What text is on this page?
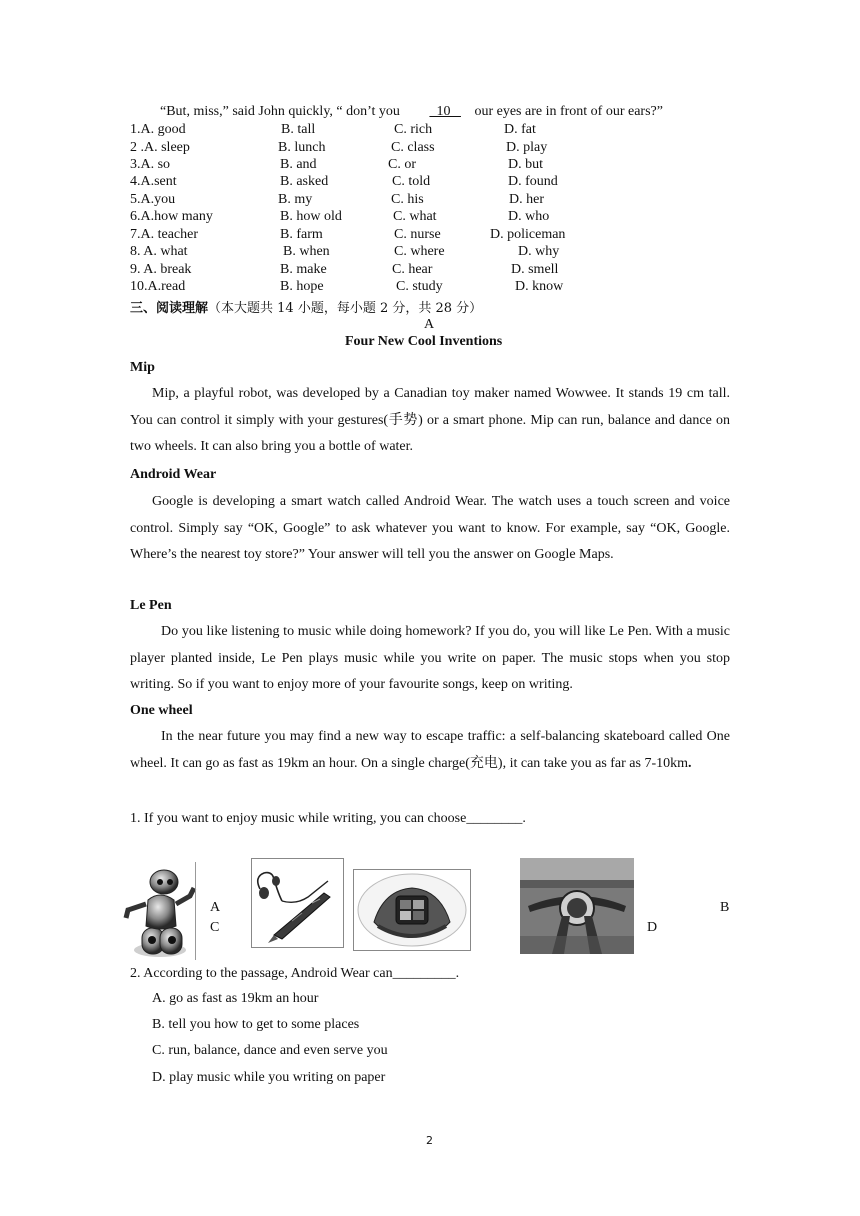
“But, miss,” said John quickly, “ don’t you   10    our eyes are in front of our ears?”
1.A. good	B. tall	C. rich	D. fat
2 .A. sleep	B. lunch	C. class	D. play
3.A. so	B. and	C. or	D. but
4.A.sent	B. asked	C. told	D. found
5.A.you	B. my	C. his	D. her
6.A.how many	B. how old	C. what	D. who
7.A. teacher	B. farm	C. nurse	D. policeman
8. A. what	B. when	C. where	D. why
9. A. break	B. make	C. hear	D. smell
10.A.read	B. hope	C. study	D. know
三、阅读理解（本大题共 14 小题，每小题 2 分，共 28 分）
A
Four New Cool Inventions
Mip
Mip, a playful robot, was developed by a Canadian toy maker named Wowwee. It stands 19 cm tall. You can control it simply with your gestures(手势) or a smart phone. Mip can run, balance and dance on two wheels. It can also bring you a bottle of water.
Android Wear
Google is developing a smart watch called Android Wear. The watch uses a touch screen and voice control. Simply say “OK, Google” to ask whatever you want to know. For example, say “OK, Google. Where’s the nearest toy store?” Your answer will tell you the answer on Google Maps.
Le Pen
Do you like listening to music while doing homework? If you do, you will like Le Pen. With a music player planted inside, Le Pen plays music while you write on paper. The music stops when you stop writing. So if you want to enjoy more of your favourite songs, keep on writing.
One wheel
In the near future you may find a new way to escape traffic: a self-balancing skateboard called One wheel. It can go as fast as 19km an hour. On a single charge(充电), it can take you as far as 7-10km.
1. If you want to enjoy music while writing, you can choose________.
A
C
B
D
2. According to the passage, Android Wear can_________.
A. go as fast as 19km an hour
B. tell you how to get to some places
C. run, balance, dance and even serve you
D. play music while you writing on paper
2
